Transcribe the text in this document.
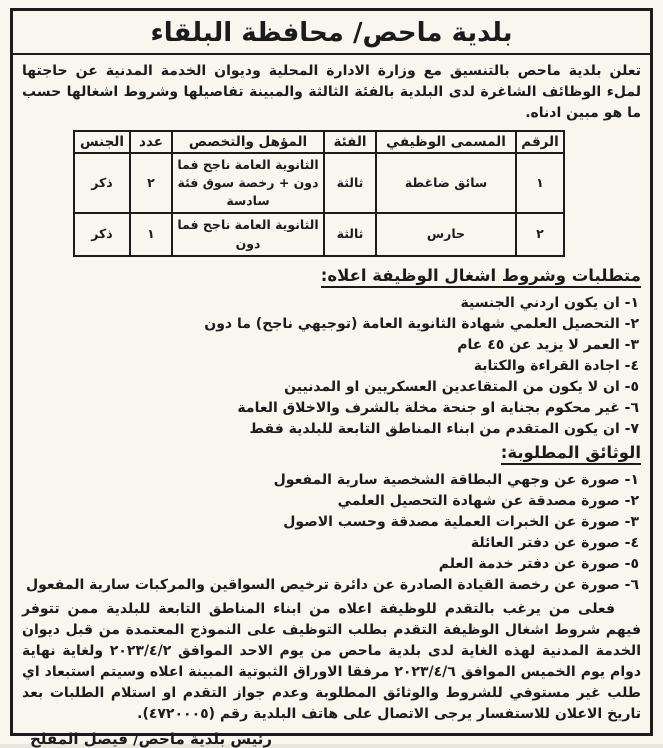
بلدية ماحص/ محافظة البلقاء

تعلن بلدية ماحص بالتنسيق مع وزارة الادارة المحلية وديوان الخدمة المدنية عن حاجتها لملء الوظائف الشاغرة لدى البلدية بالفئة الثالثة والمبينة تفاصيلها وشروط اشغالها حسب ما هو مبين ادناه.

الرقم	المسمى الوظيفي	الفئة	المؤهل والتخصص	عدد	الجنس
١	سائق ضاغطة	ثالثة	الثانوية العامة ناجح فما دون + رخصة سوق فئة سادسة	٢	ذكر
٢	حارس	ثالثة	الثانوية العامة ناجح فما دون	١	ذكر
متطلبات وشروط اشغال الوظيفة اعلاه:

١- ان يكون اردني الجنسية

٢- التحصيل العلمي شهادة الثانوية العامة (توجيهي ناجح) ما دون

٣- العمر لا يزيد عن ٤٥ عام

٤- اجادة القراءة والكتابة

٥- ان لا يكون من المتقاعدين العسكريين او المدنيين

٦- غير محكوم بجناية او جنحة مخلة بالشرف والاخلاق العامة

٧- ان يكون المتقدم من ابناء المناطق التابعة للبلدية فقط

الوثائق المطلوبة:

١- صورة عن وجهي البطاقة الشخصية سارية المفعول

٢- صورة مصدقة عن شهادة التحصيل العلمي

٣- صورة عن الخبرات العملية مصدقة وحسب الاصول

٤- صورة عن دفتر العائلة

٥- صورة عن دفتر خدمة العلم

٦- صورة عن رخصة القيادة الصادرة عن دائرة ترخيص السواقين والمركبات سارية المفعول

فعلى من يرغب بالتقدم للوظيفة اعلاه من ابناء المناطق التابعة للبلدية ممن تتوفر فيهم شروط اشغال الوظيفة التقدم بطلب التوظيف على النموذج المعتمدة من قبل ديوان الخدمة المدنية لهذه الغاية لدى بلدية ماحص من يوم الاحد الموافق ٢٠٢٣/٤/٢ ولغاية نهاية دوام يوم الخميس الموافق ٢٠٢٣/٤/٦ مرفقا الاوراق الثبوتية المبينة اعلاه وسيتم استبعاد اي طلب غير مستوفي للشروط والوثائق المطلوبة وعدم جواز التقدم او استلام الطلبات بعد تاريخ الاعلان للاستفسار يرجى الاتصال على هاتف البلدية رقم (٤٧٢٠٠٠٥).

رئيس بلدية ماحص/ فيصل المفلح
